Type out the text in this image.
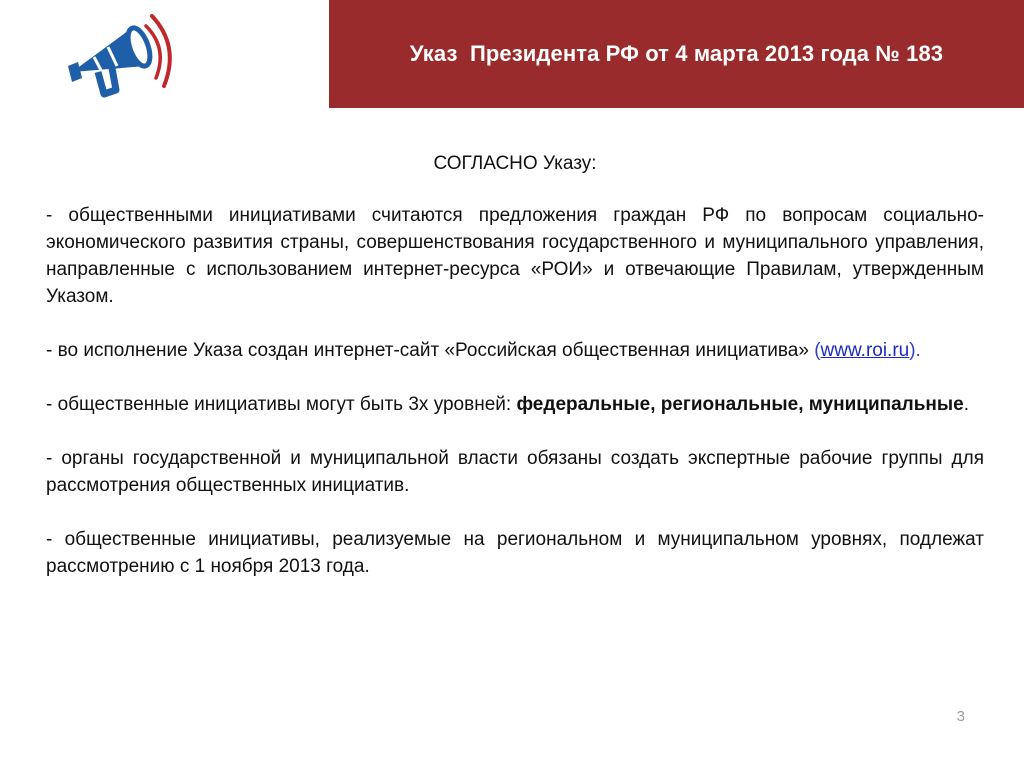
Указ  Президента РФ от 4 марта 2013 года № 183
СОГЛАСНО Указу:
- общественными инициативами считаются предложения граждан РФ по вопросам социально-экономического развития страны, совершенствования государственного и муниципального управления, направленные с использованием интернет-ресурса «РОИ» и отвечающие Правилам, утвержденным Указом.
- во исполнение Указа создан интернет-сайт «Российская общественная инициатива» (www.roi.ru).
- общественные инициативы могут быть 3х уровней: федеральные, региональные, муниципальные.
- органы государственной и муниципальной власти обязаны создать экспертные рабочие группы для рассмотрения общественных инициатив.
- общественные инициативы, реализуемые на региональном и муниципальном уровнях, подлежат рассмотрению с 1 ноября 2013 года.
3
